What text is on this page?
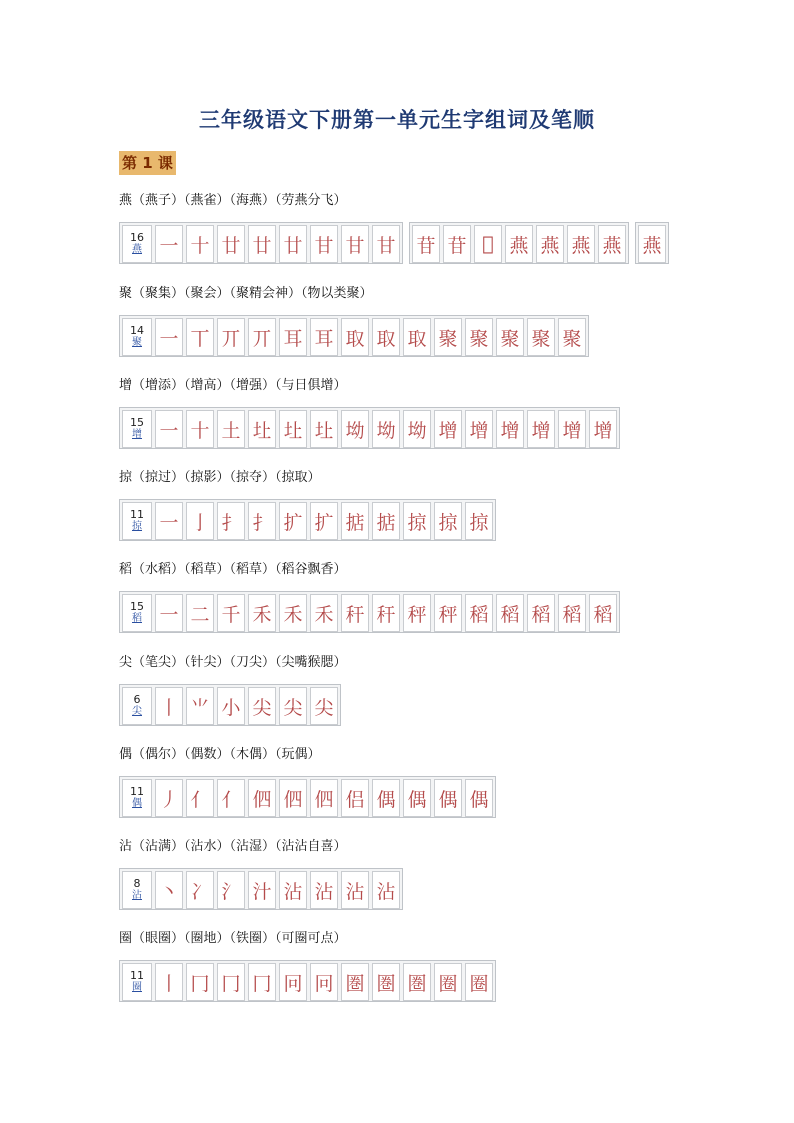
三年级语文下册第一单元生字组词及笔顺
第 1 课
燕（燕子）（燕雀）（海燕）（劳燕分飞）
16
燕 一 十 廿 廿 廿 甘 甘 甘 苷 苷 𦭝 燕 燕 燕 燕 燕
聚（聚集）（聚会）（聚精会神）（物以类聚）
14
聚 一 丅 丌 丌 耳 耳 取 取 取 聚 聚 聚 聚 聚
增（增添）（增高）（增强）（与日俱增）
15
增 一 十 土 圵 圵 圵 坳 坳 坳 增 增 增 增 增 增
掠（掠过）（掠影）（掠夺）（掠取）
11
掠 一 亅 扌 扌 扩 扩 掂 掂 掠 掠 掠
稻（水稻）（稻草）（稻草）（稻谷飘香）
15
稻 一 二 千 禾 禾 禾 秆 秆 秤 秤 稻 稻 稻 稻 稻
尖（笔尖）（针尖）（刀尖）（尖嘴猴腮）
6
尖 丨 ⺌ 小 尖 尖 尖
偶（偶尔）（偶数）（木偶）（玩偶）
11
偶 丿 亻 亻 伵 伵 伵 侣 偶 偶 偶 偶
沾（沾满）（沾水）（沾湿）（沾沾自喜）
8
沾 丶 冫 氵 汁 沾 沾 沾 沾
圈（眼圈）（圈地）（铁圈）（可圈可点）
11
圈 丨 冂 冂 冂 冋 冋 圏 圏 圏 圈 圈
